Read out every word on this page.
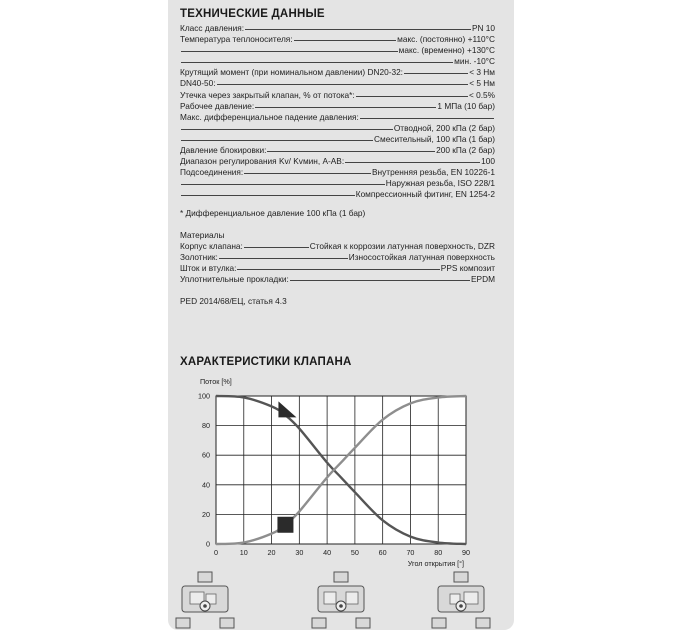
ТЕХНИЧЕСКИЕ ДАННЫЕ
Класс давления:	PN 10
Температура теплоносителя:	макс. (постоянно) +110°C
макс. (временно) +130°C
мин. -10°C
Крутящий момент (при номинальном давлении) DN20-32:	< 3 Нм
DN40-50:	< 5 Нм
Утечка через закрытый клапан, % от потока*:	< 0.5%
Рабочее давление:	1 МПа (10 бар)
Макс. дифференциальное падение давления:
Отводной, 200 кПа (2 бар)
Смесительный, 100 кПа (1 бар)
Давление блокировки:	200 кПа (2 бар)
Диапазон регулирования Kv/ Kvмин, A-AB:	100
Подсоединения:	Внутренняя резьба, EN 10226-1
Наружная резьба, ISO 228/1
Компрессионный фитинг, EN 1254-2
* Дифференциальное давление 100 кПа (1 бар)
Материалы
Корпус клапана:	Стойкая к коррозии латунная поверхность, DZR
Золотник:	Износостойкая латунная поверхность
Шток и втулка:	PPS композит
Уплотнительные прокладки:	EPDM
PED 2014/68/ЕЦ, статья 4.3
ХАРАКТЕРИСТИКИ КЛАПАНА
0	10	20	30	40	50	60	70	80	90
0
20
40
60
80
100
Поток [%]
Угол открытия [°]
